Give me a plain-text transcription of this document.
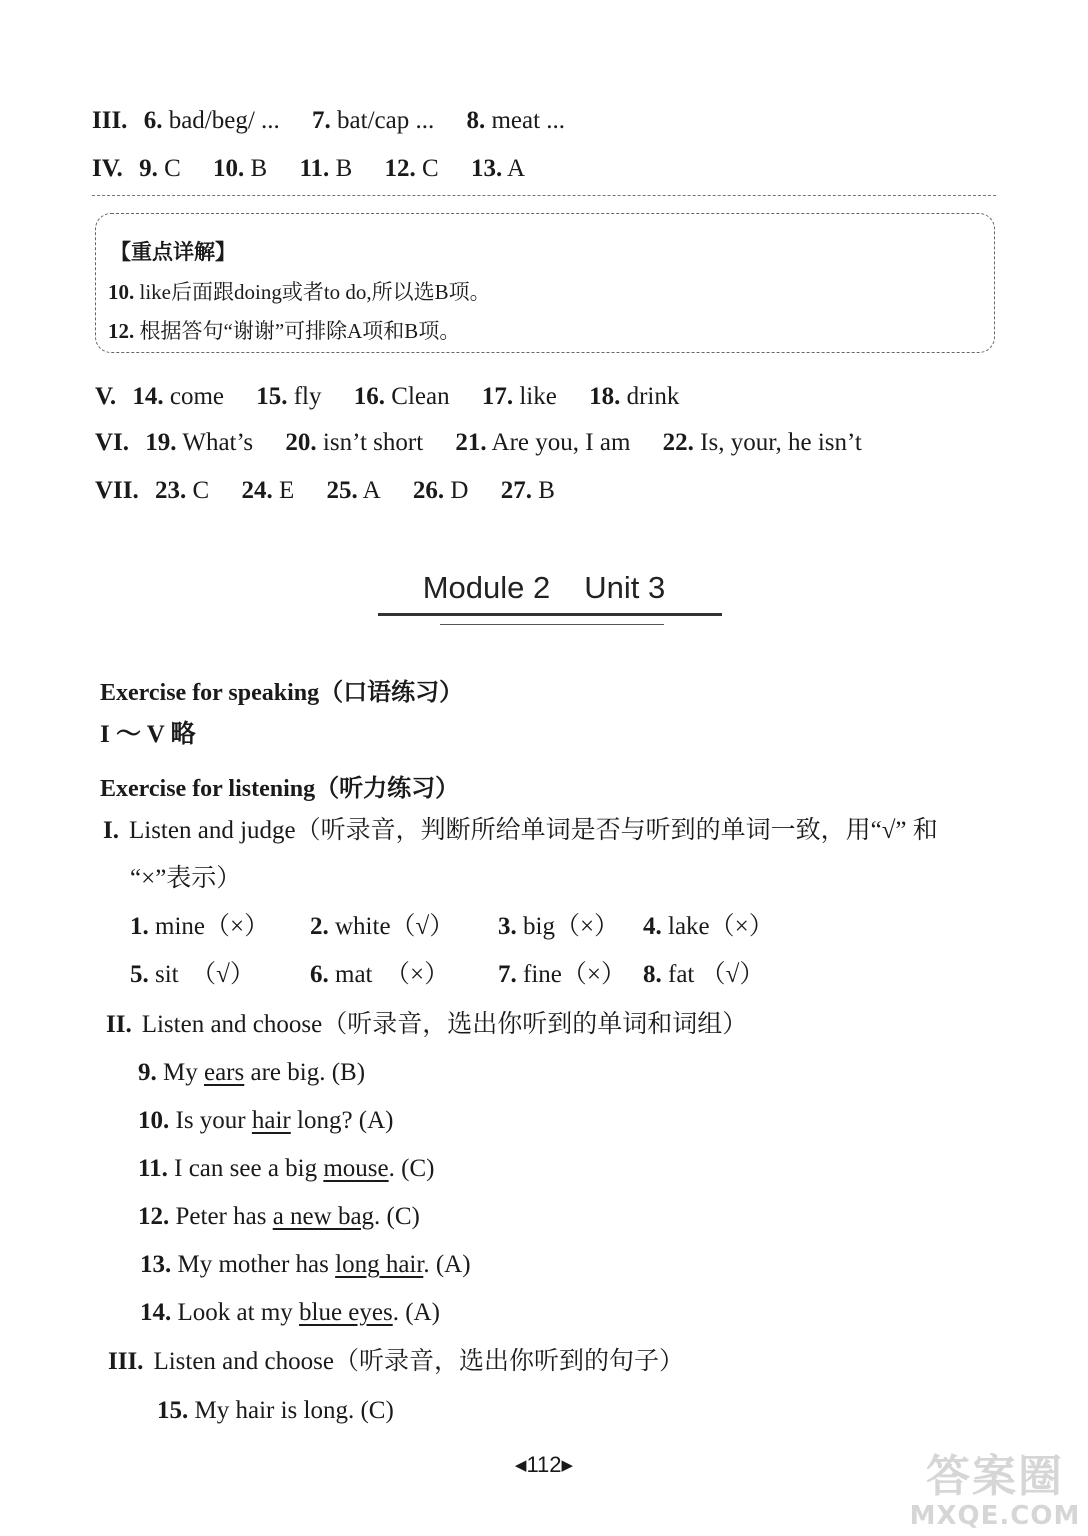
III. 6. bad/beg/ ... 7. bat/cap ... 8. meat ...
IV. 9. C 10. B 11. B 12. C 13. A
【重点详解】
10. like后面跟doing或者to do,所以选B项。
12. 根据答句“谢谢”可排除A项和B项。
V. 14. come 15. fly 16. Clean 17. like 18. drink
VI. 19. What’s 20. isn’t short 21. Are you, I am 22. Is, your, he isn’t
VII. 23. C 24. E 25. A 26. D 27. B
Module 2 Unit 3
Exercise for speaking（口语练习）
I ～ V 略
Exercise for listening（听力练习）
I. Listen and judge（听录音，判断所给单词是否与听到的单词一致，用“√” 和
“×”表示）
1. mine（×） 2. white（√） 3. big（×） 4. lake（×）
5. sit　（√） 6. mat　（×） 7. fine（×） 8. fat （√）
II. Listen and choose（听录音，选出你听到的单词和词组）
9. My ears are big. (B)
10. Is your hair long? (A)
11. I can see a big mouse. (C)
12. Peter has a new bag. (C)
13. My mother has long hair. (A)
14. Look at my blue eyes. (A)
III. Listen and choose（听录音，选出你听到的句子）
15. My hair is long. (C)
◀112▶	答案圈
MXQE.COM
